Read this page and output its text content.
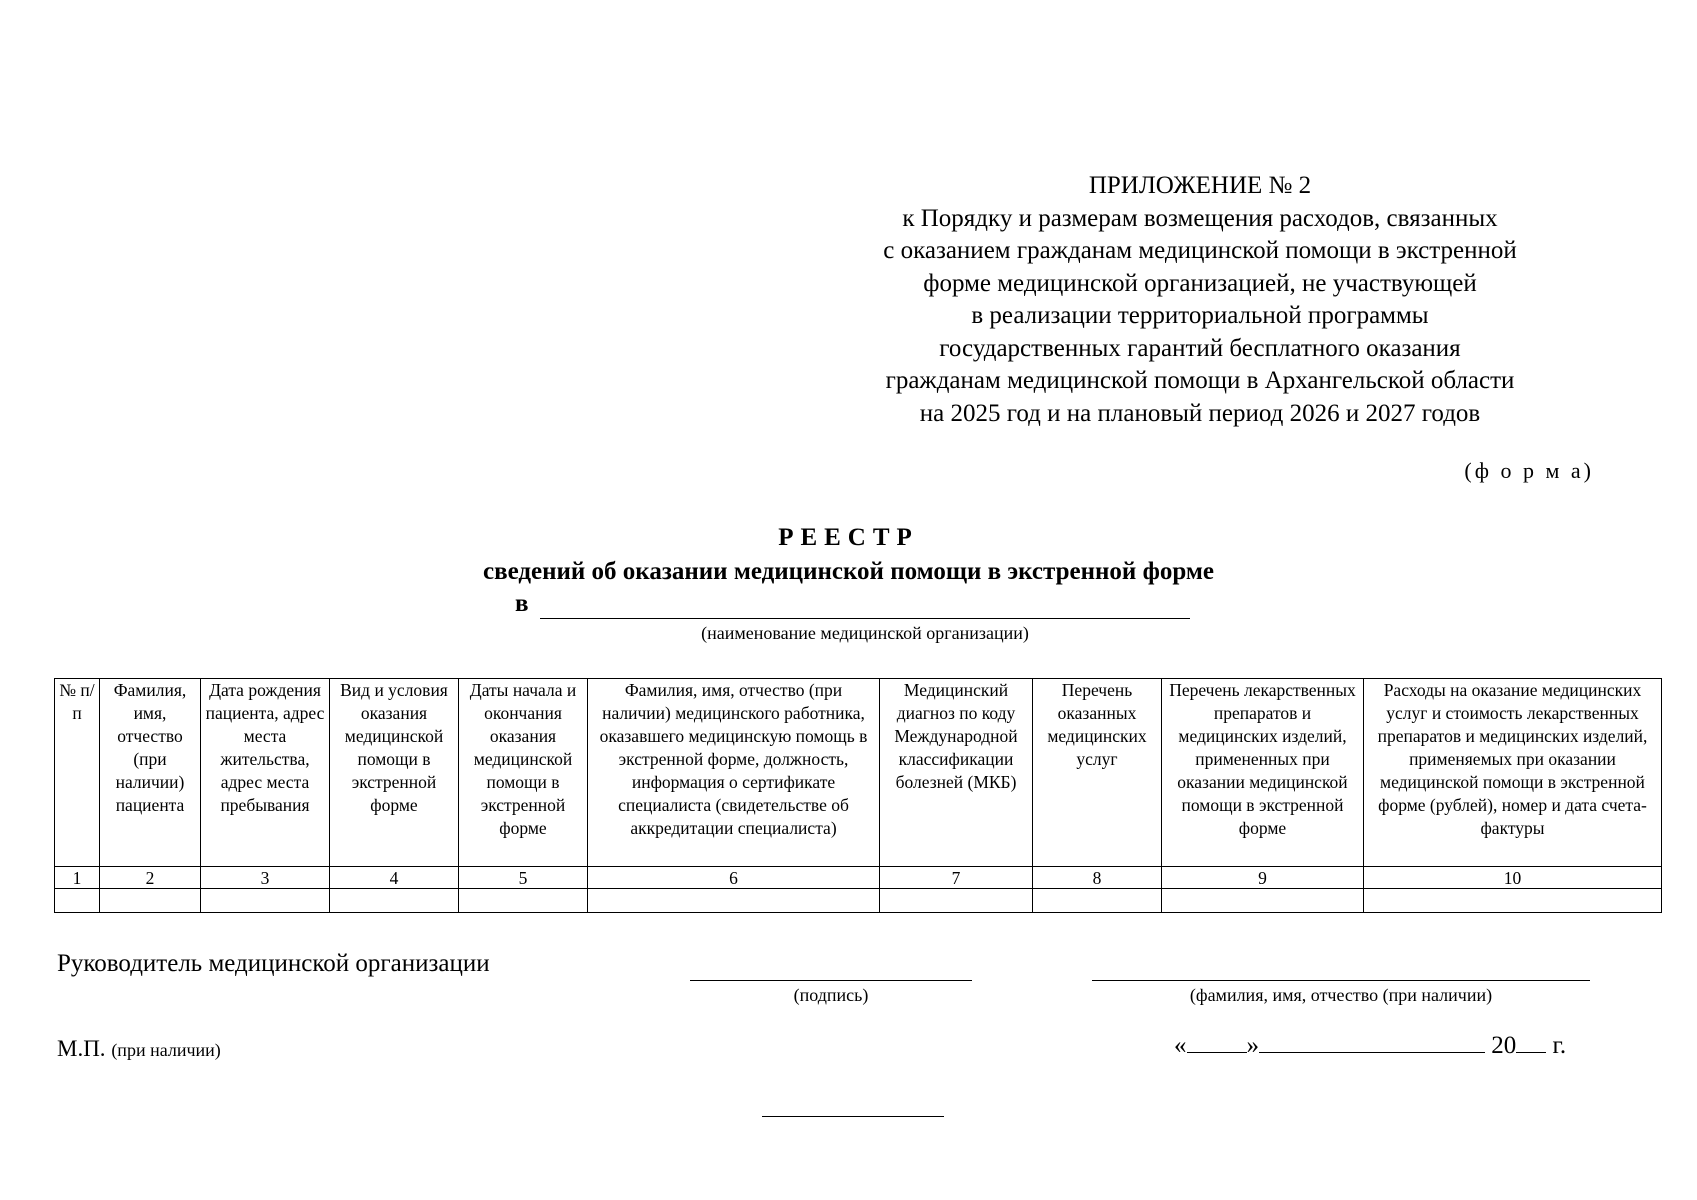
ПРИЛОЖЕНИЕ № 2
к Порядку и размерам возмещения расходов, связанных
с оказанием гражданам медицинской помощи в экстренной
форме медицинской организацией, не участвующей
в реализации территориальной программы
государственных гарантий бесплатного оказания
гражданам медицинской помощи в Архангельской области
на 2025 год и на плановый период 2026 и 2027 годов
(ф о р м а)
РЕЕСТР
сведений об оказании медицинской помощи в экстренной форме
в
(наименование медицинской организации)
№ п/п	Фамилия, имя, отчество (при наличии) пациента	Дата рождения пациента, адрес места жительства, адрес места пребывания	Вид и условия оказания медицинской помощи в экстренной форме	Даты начала и окончания оказания медицинской помощи в экстренной форме	Фамилия, имя, отчество (при наличии) медицинского работника, оказавшего медицинскую помощь в экстренной форме, должность, информация о сертификате специалиста (свидетельстве об аккредитации специалиста)	Медицинский диагноз по коду Международной классификации болезней (МКБ)	Перечень оказанных медицинских услуг	Перечень лекарственных препаратов и медицинских изделий, примененных при оказании медицинской помощи в экстренной форме	Расходы на оказание медицинских услуг и стоимость лекарственных препаратов и медицинских изделий, применяемых при оказании медицинской помощи в экстренной форме (рублей), номер и дата счета-фактуры
1	2	3	4	5	6	7	8	9	10

Руководитель медицинской организации
(подпись)	(фамилия, имя, отчество (при наличии)
М.П. (при наличии)	« »	20 г.
